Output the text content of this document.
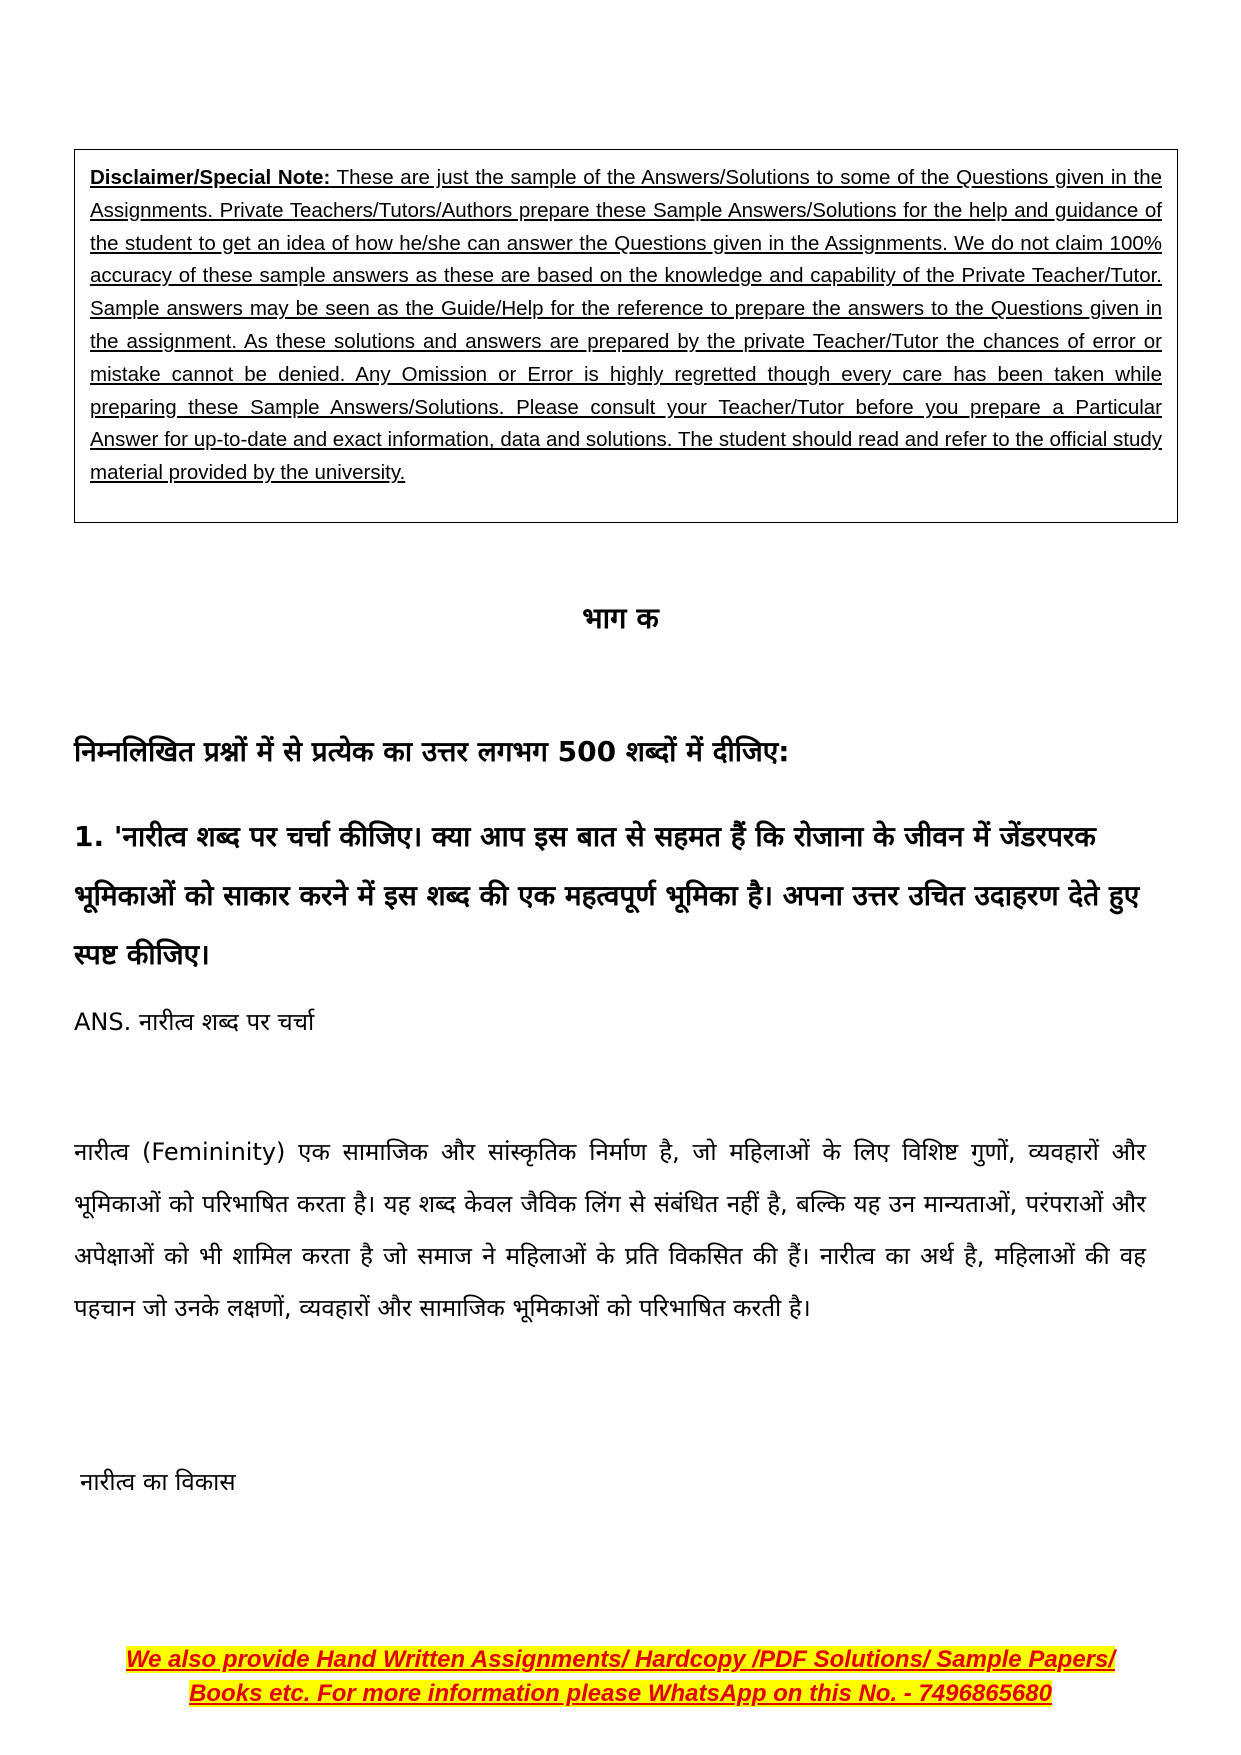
Disclaimer/Special Note: These are just the sample of the Answers/Solutions to some of the Questions given in the Assignments. Private Teachers/Tutors/Authors prepare these Sample Answers/Solutions for the help and guidance of the student to get an idea of how he/she can answer the Questions given in the Assignments. We do not claim 100% accuracy of these sample answers as these are based on the knowledge and capability of the Private Teacher/Tutor. Sample answers may be seen as the Guide/Help for the reference to prepare the answers to the Questions given in the assignment. As these solutions and answers are prepared by the private Teacher/Tutor the chances of error or mistake cannot be denied. Any Omission or Error is highly regretted though every care has been taken while preparing these Sample Answers/Solutions. Please consult your Teacher/Tutor before you prepare a Particular Answer for up-to-date and exact information, data and solutions. The student should read and refer to the official study material provided by the university.

भाग क

निम्नलिखित प्रश्नों में से प्रत्येक का उत्तर लगभग 500 शब्दों में दीजिए:

1. 'नारीत्व शब्द पर चर्चा कीजिए। क्या आप इस बात से सहमत हैं कि रोजाना के जीवन में जेंडरपरक भूमिकाओं को साकार करने में इस शब्द की एक महत्वपूर्ण भूमिका है। अपना उत्तर उचित उदाहरण देते हुए स्पष्ट कीजिए।

ANS. नारीत्व शब्द पर चर्चा

नारीत्व (Femininity) एक सामाजिक और सांस्कृतिक निर्माण है, जो महिलाओं के लिए विशिष्ट गुणों, व्यवहारों और भूमिकाओं को परिभाषित करता है। यह शब्द केवल जैविक लिंग से संबंधित नहीं है, बल्कि यह उन मान्यताओं, परंपराओं और अपेक्षाओं को भी शामिल करता है जो समाज ने महिलाओं के प्रति विकसित की हैं। नारीत्व का अर्थ है, महिलाओं की वह पहचान जो उनके लक्षणों, व्यवहारों और सामाजिक भूमिकाओं को परिभाषित करती है।

नारीत्व का विकास

We also provide Hand Written Assignments/ Hardcopy /PDF Solutions/ Sample Papers/
Books etc. For more information please WhatsApp on this No. - 7496865680
